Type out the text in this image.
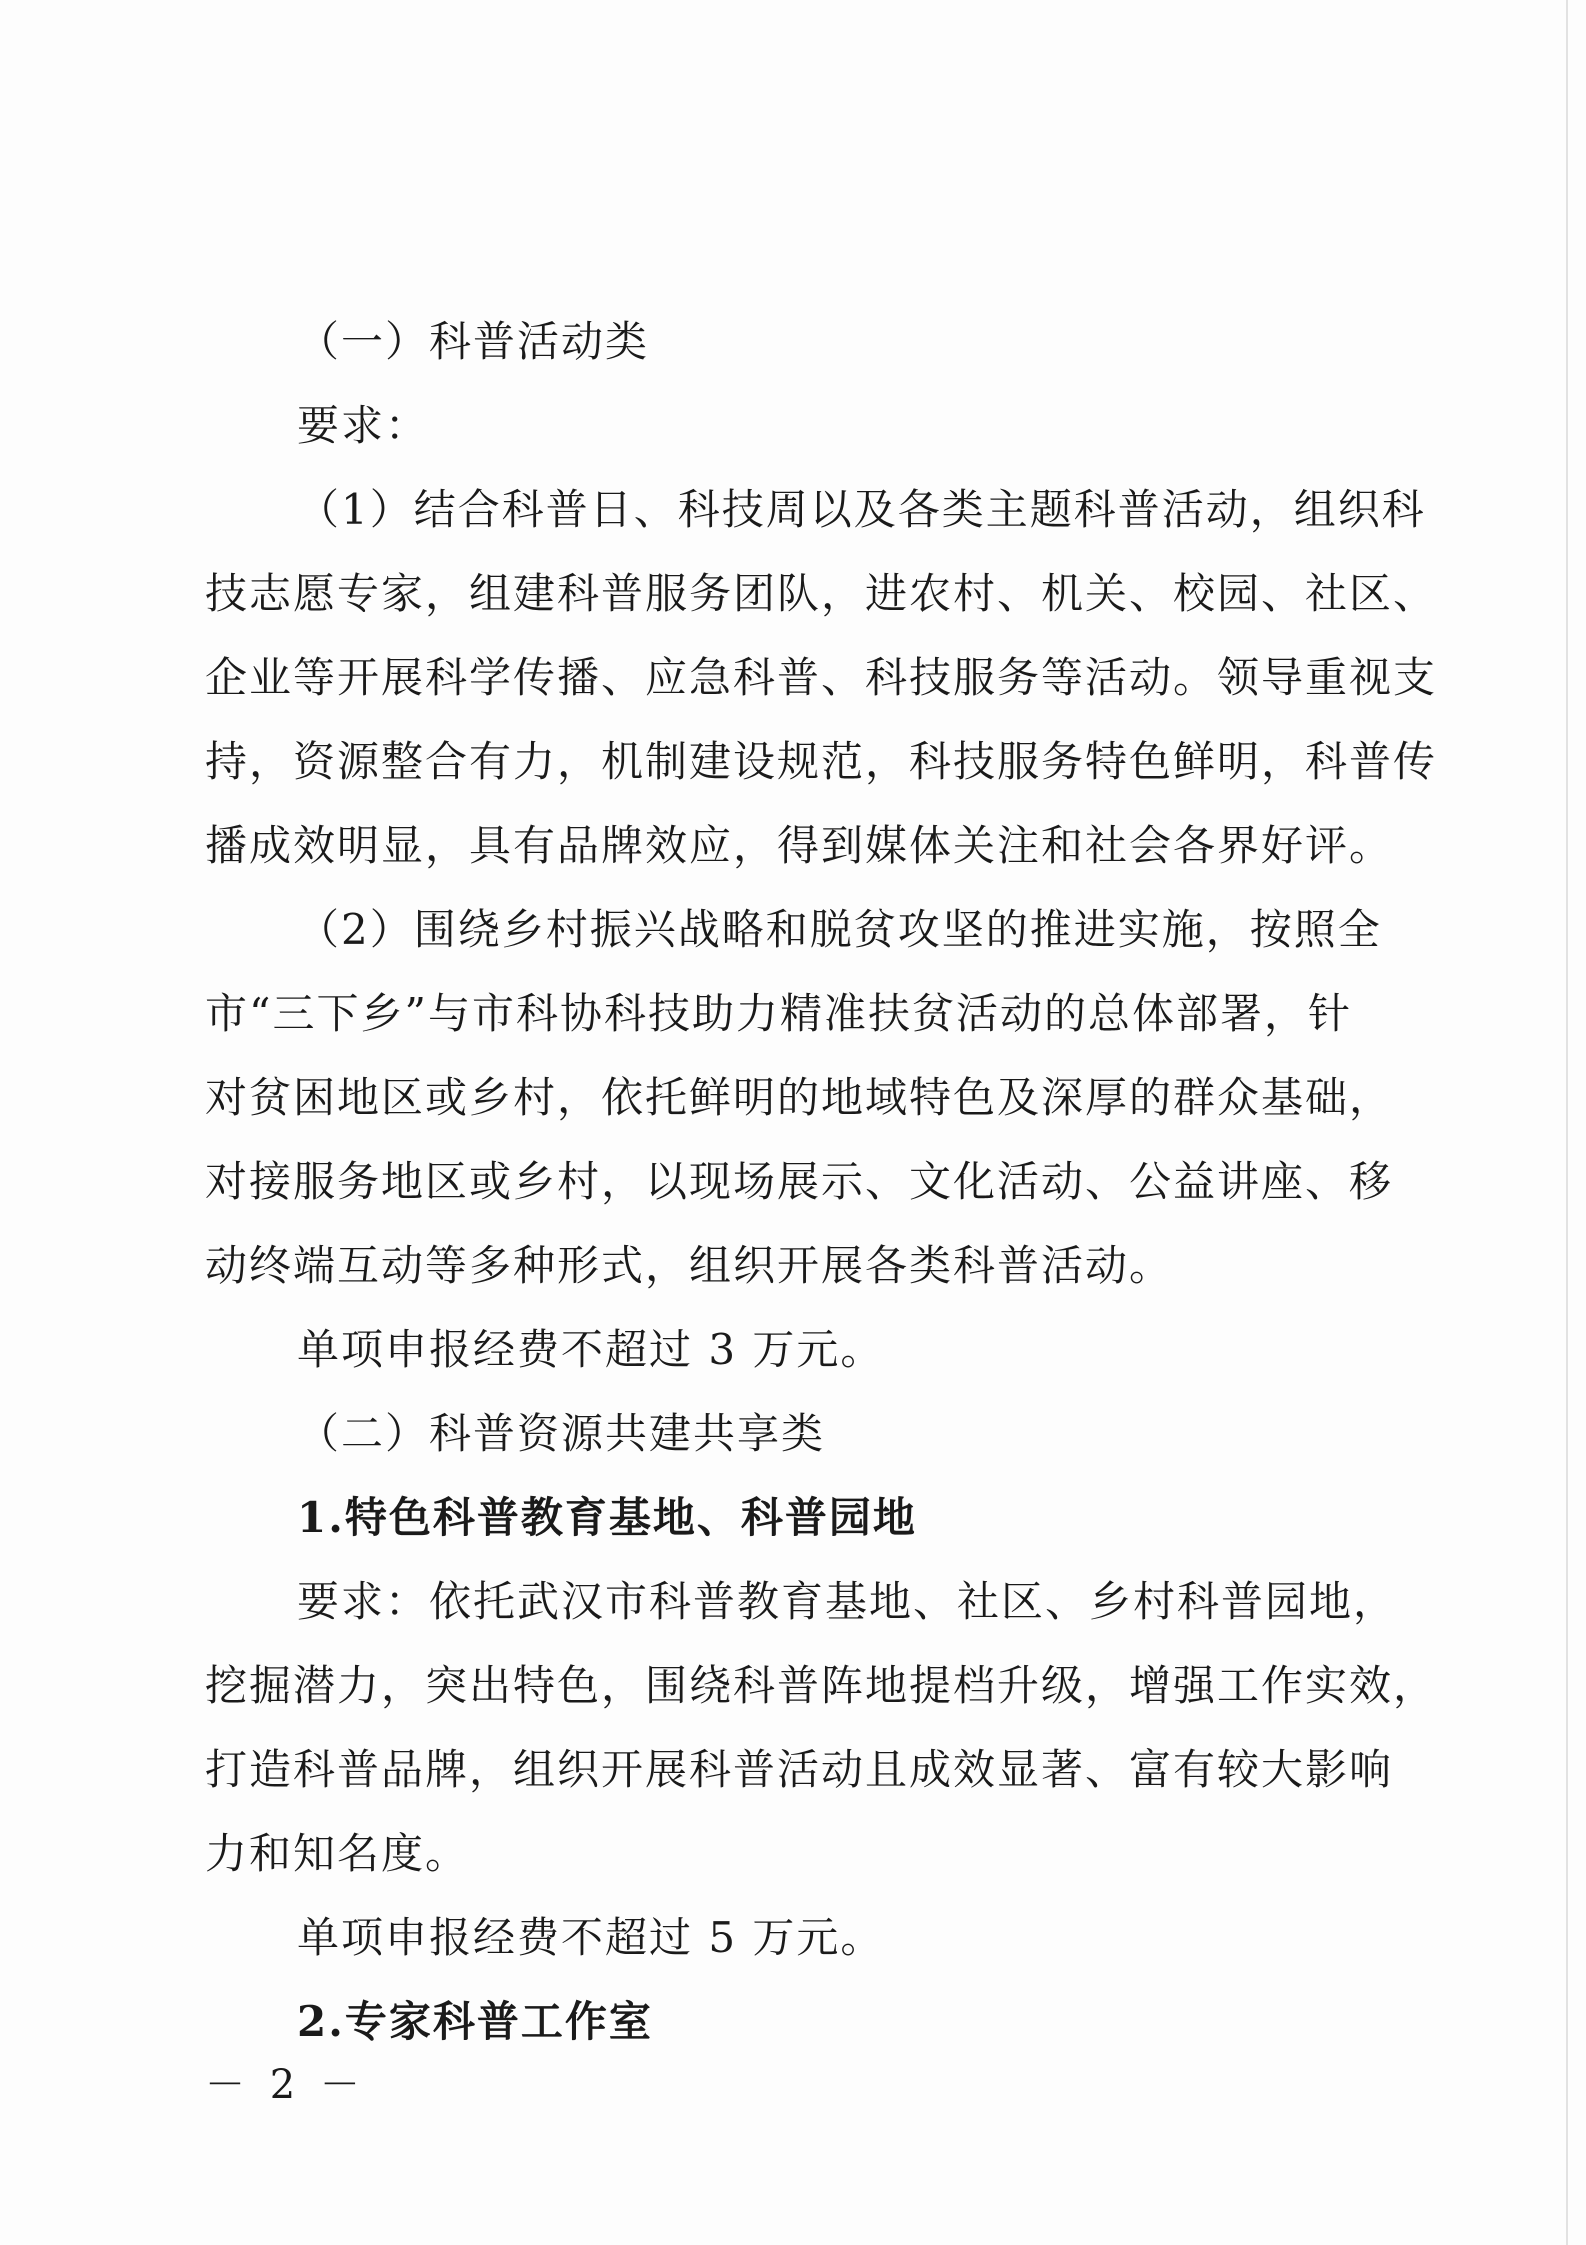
（一）科普活动类
要求：
（1）结合科普日、科技周以及各类主题科普活动，组织科
技志愿专家，组建科普服务团队，进农村、机关、校园、社区、
企业等开展科学传播、应急科普、科技服务等活动。领导重视支
持，资源整合有力，机制建设规范，科技服务特色鲜明，科普传
播成效明显，具有品牌效应，得到媒体关注和社会各界好评。
（2）围绕乡村振兴战略和脱贫攻坚的推进实施，按照全
市“三下乡”与市科协科技助力精准扶贫活动的总体部署，针
对贫困地区或乡村，依托鲜明的地域特色及深厚的群众基础，
对接服务地区或乡村，以现场展示、文化活动、公益讲座、移
动终端互动等多种形式，组织开展各类科普活动。
单项申报经费不超过 3 万元。
（二）科普资源共建共享类
1.特色科普教育基地、科普园地
要求：依托武汉市科普教育基地、社区、乡村科普园地，
挖掘潜力，突出特色，围绕科普阵地提档升级，增强工作实效，
打造科普品牌，组织开展科普活动且成效显著、富有较大影响
力和知名度。
单项申报经费不超过 5 万元。
2.专家科普工作室
－ 2 －
